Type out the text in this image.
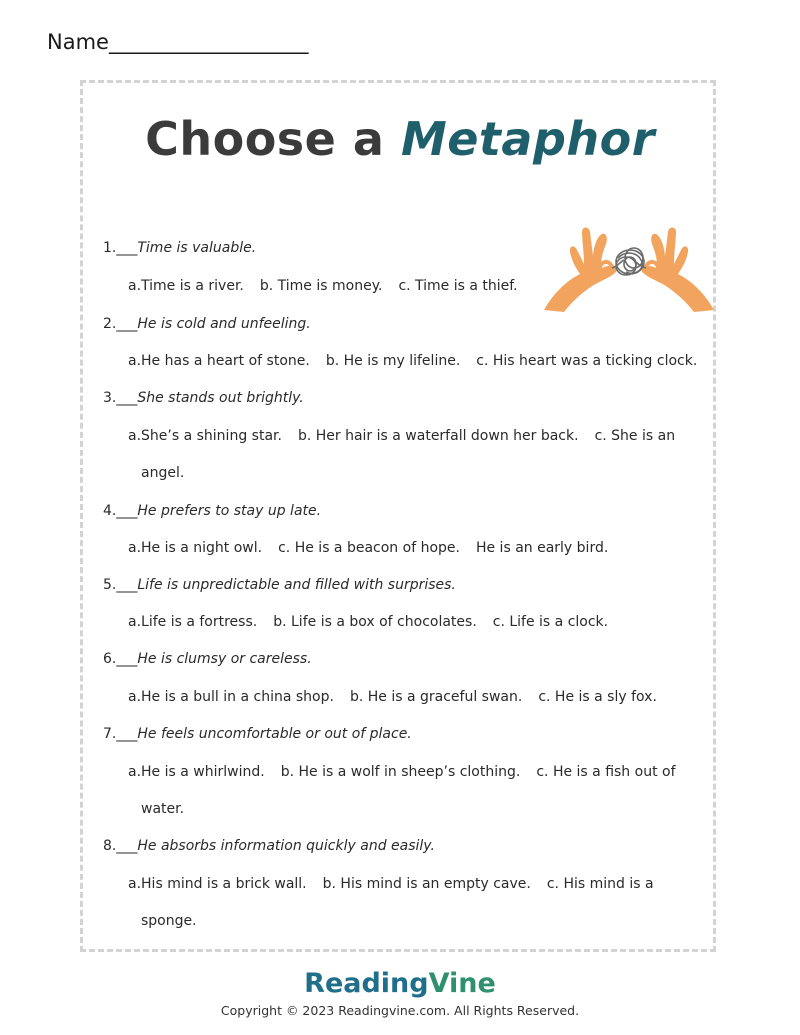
Name___________________
Choose a Metaphor
1.___Time is valuable.
a.Time is a river. b. Time is money. c. Time is a thief.
2.___He is cold and unfeeling.
a.He has a heart of stone. b. He is my lifeline. c. His heart was a ticking clock.
3.___She stands out brightly.
a.She’s a shining star. b. Her hair is a waterfall down her back. c. She is an
angel.
4.___He prefers to stay up late.
a.He is a night owl. c. He is a beacon of hope. He is an early bird.
5.___Life is unpredictable and filled with surprises.
a.Life is a fortress. b. Life is a box of chocolates. c. Life is a clock.
6.___He is clumsy or careless.
a.He is a bull in a china shop. b. He is a graceful swan. c. He is a sly fox.
7.___He feels uncomfortable or out of place.
a.He is a whirlwind. b. He is a wolf in sheep’s clothing. c. He is a fish out of
water.
8.___He absorbs information quickly and easily.
a.His mind is a brick wall. b. His mind is an empty cave. c. His mind is a
sponge.
ReadingVine
Copyright © 2023 Readingvine.com. All Rights Reserved.
